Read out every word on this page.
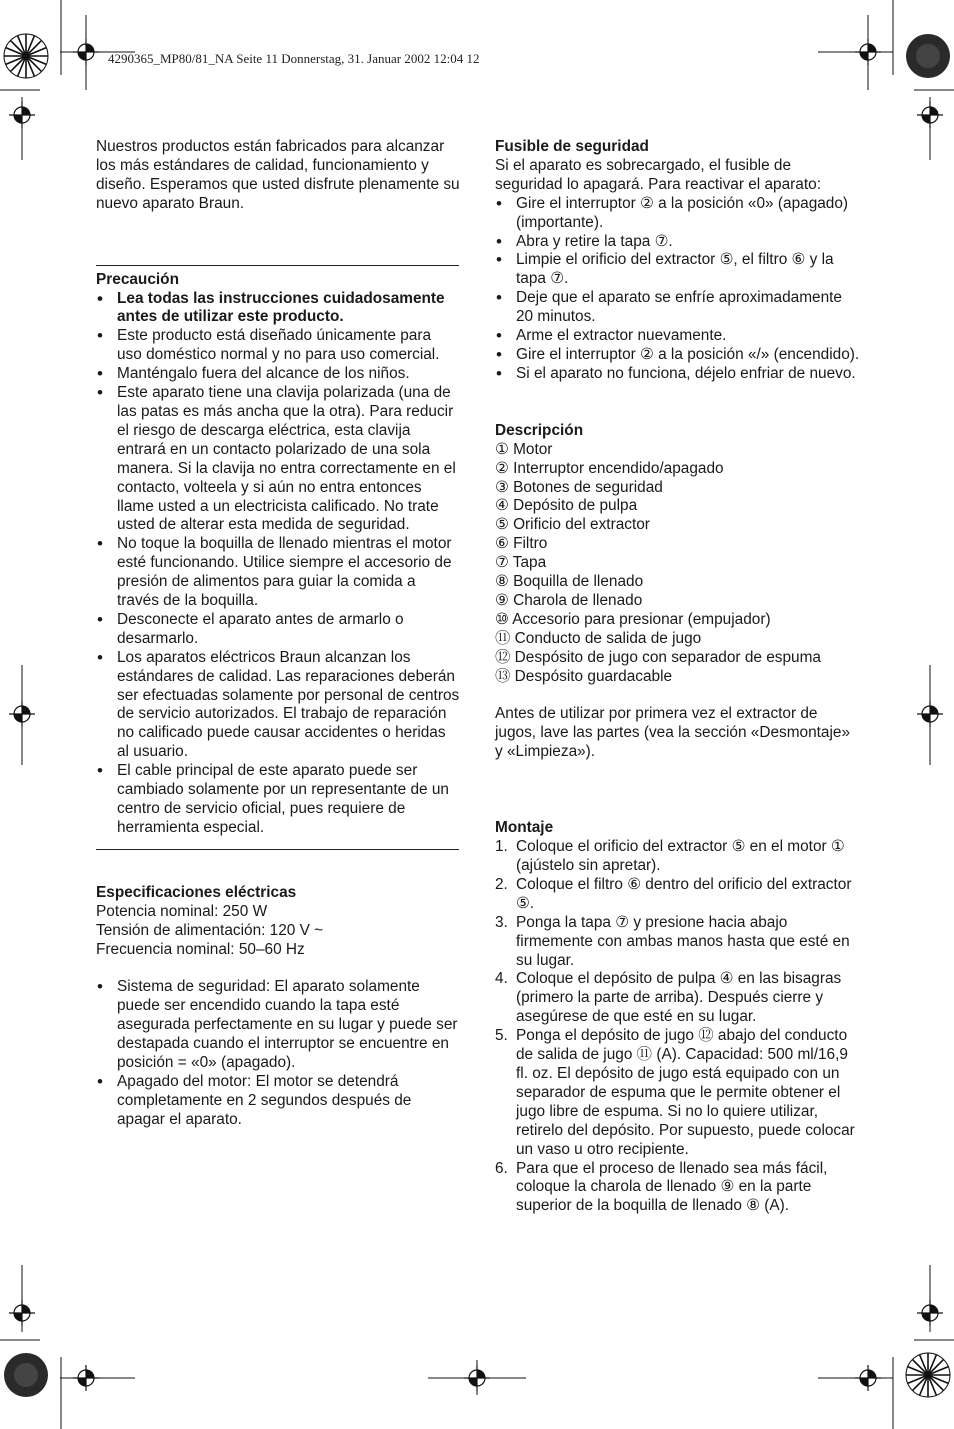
4290365_MP80/81_NA Seite 11 Donnerstag, 31. Januar 2002 12:04 12

Nuestros productos están fabricados para alcanzar los más estándares de calidad, funcionamiento y diseño. Esperamos que usted disfrute plenamente su nuevo aparato Braun.

Precaución
• Lea todas las instrucciones cuidadosamente antes de utilizar este producto.
• Este producto está diseñado únicamente para uso doméstico normal y no para uso comercial.
• Manténgalo fuera del alcance de los niños.
• Este aparato tiene una clavija polarizada (una de las patas es más ancha que la otra). Para reducir el riesgo de descarga eléctrica, esta clavija entrará en un contacto polarizado de una sola manera. Si la clavija no entra correctamente en el contacto, volteela y si aún no entra entonces llame usted a un electricista calificado. No trate usted de alterar esta medida de seguridad.
• No toque la boquilla de llenado mientras el motor esté funcionando. Utilice siempre el accesorio de presión de alimentos para guiar la comida a través de la boquilla.
• Desconecte el aparato antes de armarlo o desarmarlo.
• Los aparatos eléctricos Braun alcanzan los estándares de calidad. Las reparaciones deberán ser efectuadas solamente por personal de centros de servicio autorizados. El trabajo de reparación no calificado puede causar accidentes o heridas al usuario.
• El cable principal de este aparato puede ser cambiado solamente por un representante de un centro de servicio oficial, pues requiere de herramienta especial.
Especificaciones eléctricas
Potencia nominal: 250 W
Tensión de alimentación: 120 V ~
Frecuencia nominal: 50–60 Hz
• Sistema de seguridad: El aparato solamente puede ser encendido cuando la tapa esté asegurada perfectamente en su lugar y puede ser destapada cuando el interruptor se encuentre en posición = «0» (apagado).
• Apagado del motor: El motor se detendrá completamente en 2 segundos después de apagar el aparato.
Fusible de seguridad
Si el aparato es sobrecargado, el fusible de seguridad lo apagará. Para reactivar el aparato:
• Gire el interruptor ② a la posición «0» (apagado) (importante).
• Abra y retire la tapa ⑦.
• Limpie el orificio del extractor ⑤, el filtro ⑥ y la tapa ⑦.
• Deje que el aparato se enfríe aproximadamente 20 minutos.
• Arme el extractor nuevamente.
• Gire el interruptor ② a la posición «/» (encendido).
• Si el aparato no funciona, déjelo enfriar de nuevo.
Descripción
① Motor
② Interruptor encendido/apagado
③ Botones de seguridad
④ Depósito de pulpa
⑤ Orificio del extractor
⑥ Filtro
⑦ Tapa
⑧ Boquilla de llenado
⑨ Charola de llenado
⑩ Accesorio para presionar (empujador)
⑪ Conducto de salida de jugo
⑫ Despósito de jugo con separador de espuma
⑬ Despósito guardacable
Antes de utilizar por primera vez el extractor de jugos, lave las partes (vea la sección «Desmontaje» y «Limpieza»).
Montaje
1. Coloque el orificio del extractor ⑤ en el motor ① (ajústelo sin apretar).
2. Coloque el filtro ⑥ dentro del orificio del extractor ⑤.
3. Ponga la tapa ⑦ y presione hacia abajo firmemente con ambas manos hasta que esté en su lugar.
4. Coloque el depósito de pulpa ④ en las bisagras (primero la parte de arriba). Después cierre y asegúrese de que esté en su lugar.
5. Ponga el depósito de jugo ⑫ abajo del conducto de salida de jugo ⑪ (A). Capacidad: 500 ml/16,9 fl. oz. El depósito de jugo está equipado con un separador de espuma que le permite obtener el jugo libre de espuma. Si no lo quiere utilizar, retirelo del depósito. Por supuesto, puede colocar un vaso u otro recipiente.
6. Para que el proceso de llenado sea más fácil, coloque la charola de llenado ⑨ en la parte superior de la boquilla de llenado ⑧ (A).
